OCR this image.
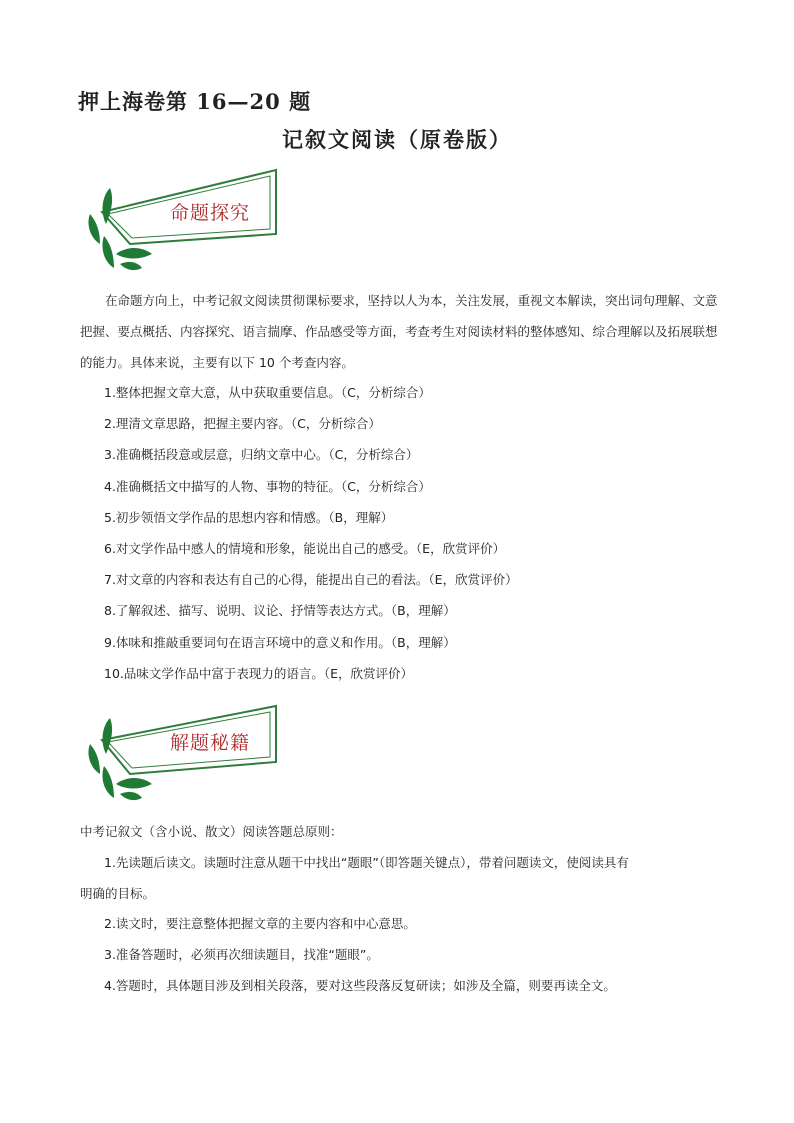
押上海卷第 16—20 题
记叙文阅读（原卷版）
命题探究
在命题方向上，中考记叙文阅读贯彻课标要求，坚持以人为本，关注发展，重视文本解读，突出词句理解、文意把握、要点概括、内容探究、语言揣摩、作品感受等方面，考查考生对阅读材料的整体感知、综合理解以及拓展联想的能力。具体来说，主要有以下 10 个考查内容。
1.整体把握文章大意，从中获取重要信息。（C，分析综合）
2.理清文章思路，把握主要内容。（C，分析综合）
3.准确概括段意或层意，归纳文章中心。（C，分析综合）
4.准确概括文中描写的人物、事物的特征。（C，分析综合）
5.初步领悟文学作品的思想内容和情感。（B，理解）
6.对文学作品中感人的情境和形象，能说出自己的感受。（E，欣赏评价）
7.对文章的内容和表达有自己的心得，能提出自己的看法。（E，欣赏评价）
8.了解叙述、描写、说明、议论、抒情等表达方式。（B，理解）
9.体味和推敲重要词句在语言环境中的意义和作用。（B，理解）
10.品味文学作品中富于表现力的语言。（E，欣赏评价）
解题秘籍
中考记叙文（含小说、散文）阅读答题总原则：
1.先读题后读文。读题时注意从题干中找出“题眼”（即答题关键点），带着问题读文，使阅读具有
明确的目标。
2.读文时，要注意整体把握文章的主要内容和中心意思。
3.准备答题时，必须再次细读题目，找准“题眼”。
4.答题时，具体题目涉及到相关段落，要对这些段落反复研读；如涉及全篇，则要再读全文。
